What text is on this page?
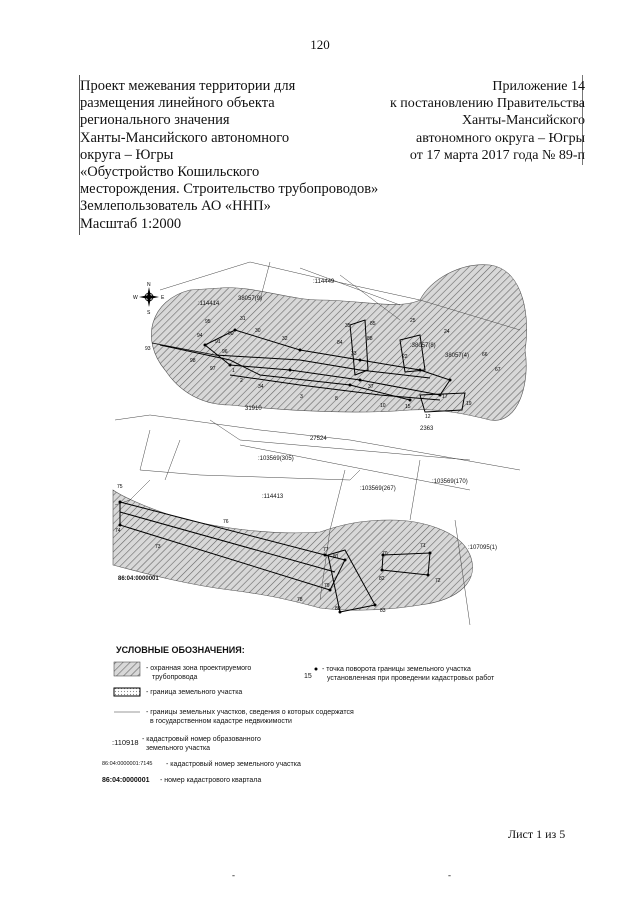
120
Проект межевания территории для
размещения линейного объекта
регионального значения
Ханты-Мансийского автономного
округа – Югры
«Обустройство Кошильского
месторождения. Строительство трубопроводов»
Землепользователь АО «ННП»
Масштаб 1:2000
Приложение 14
к постановлению Правительства
Ханты-Мансийского
автономного округа – Югры
от 17 марта 2017 года № 89-п
N
S
W	E
:114449
:114414
38057(9)
:38057(8)
38057(4)
31910
27524
2363
:103569(305)
:103569(267)
:103569(170)
:114413
:107095(1)
86:04:0000001
93
94
95
96
97
98
91
90
1
2
3
31
30
32
33
34
35
84
85
88
25
24
22
19
17
15
12
10
8
37
66
67
75
74
73
76
77
78
79
80
81
82
83
70
71
72
УСЛОВНЫЕ ОБОЗНАЧЕНИЯ:
- охранная зона проектируемого
трубопровода	15
- точка поворота границы земельного участка
установленная при проведении кадастровых работ
- граница земельного участка
- границы земельных участков, сведения о которых содержатся
в государственном кадастре недвижимости
:110918 - кадастровый номер образованного
земельного участка
86:04:0000001:7145 - кадастровый номер земельного участка
86:04:0000001 - номер кадастрового квартала
Лист 1 из 5
-	-
